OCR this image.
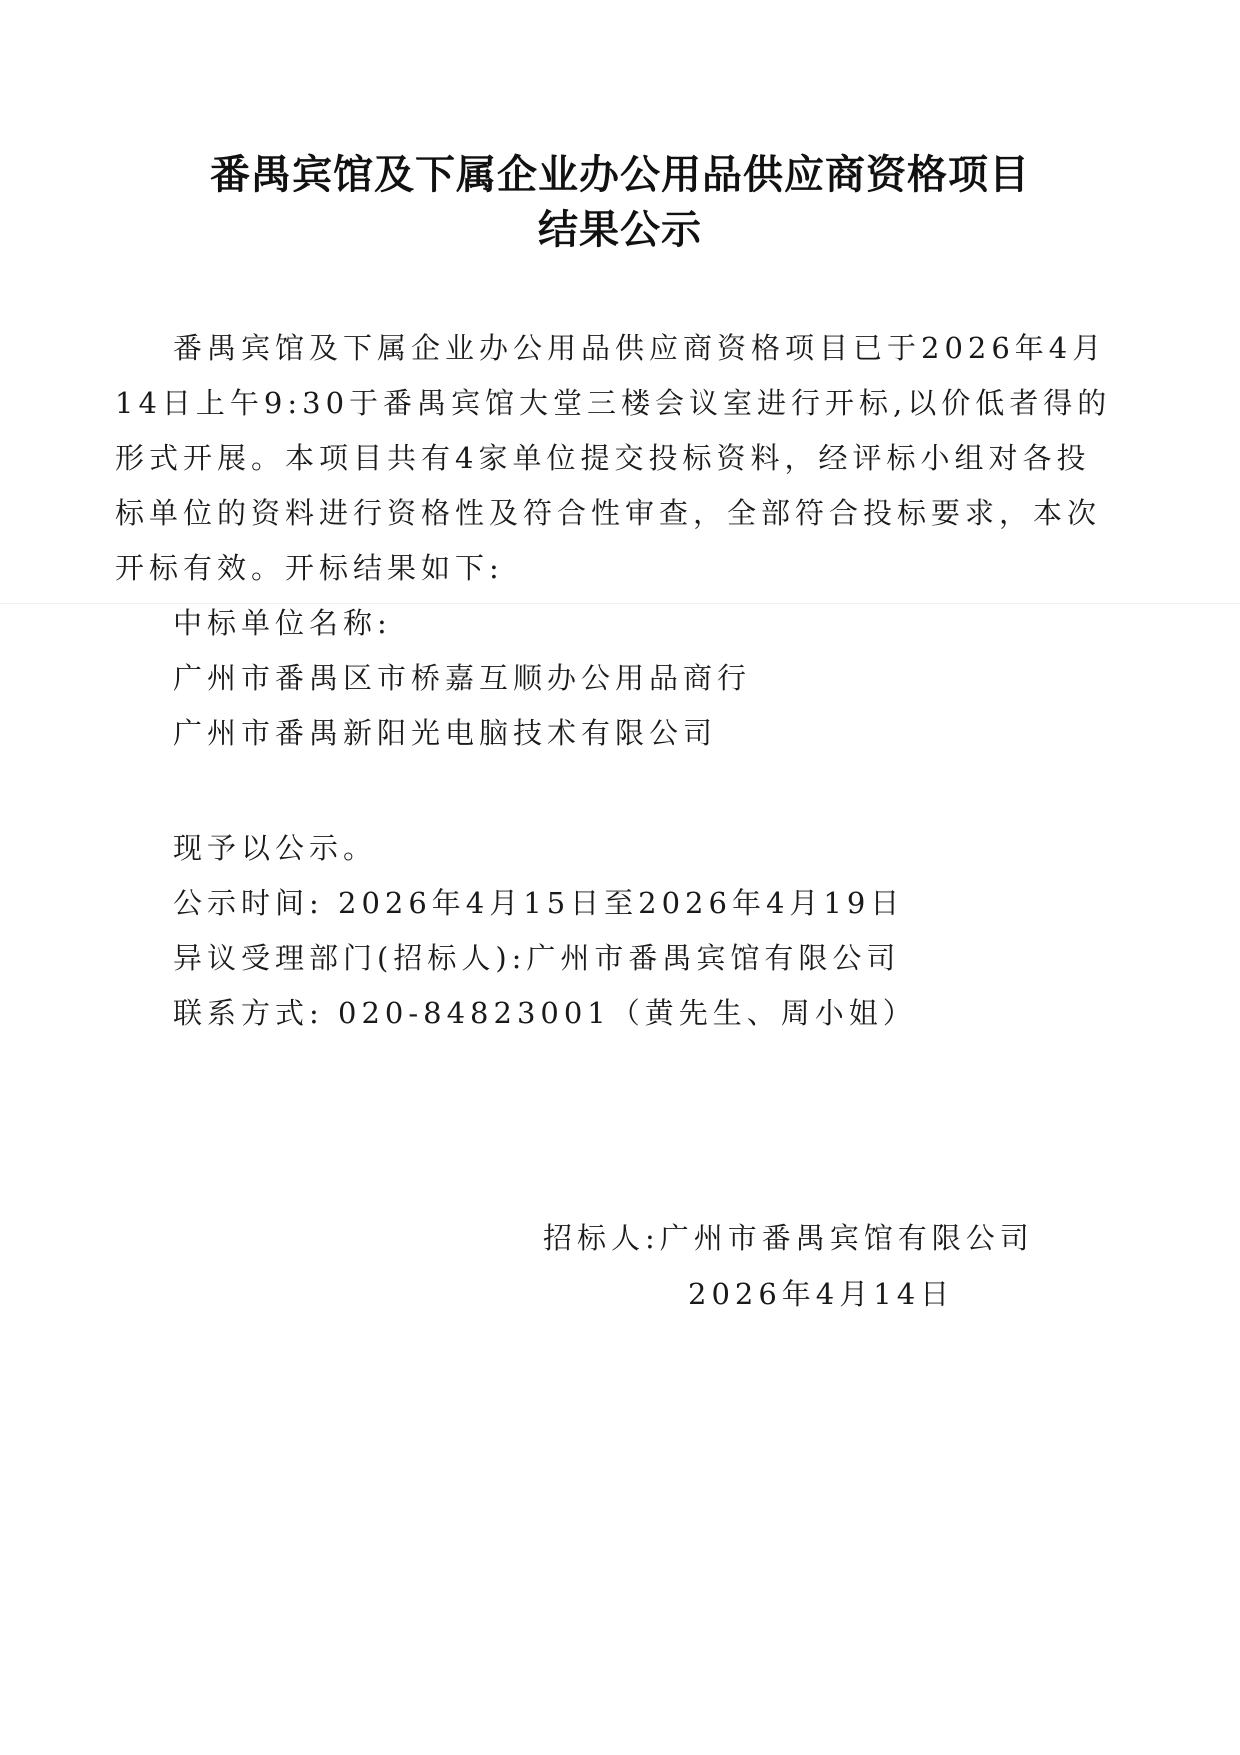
番禺宾馆及下属企业办公用品供应商资格项目
结果公示
番禺宾馆及下属企业办公用品供应商资格项目已于2026年4月
14日上午9:30于番禺宾馆大堂三楼会议室进行开标,以价低者得的
形式开展。本项目共有4家单位提交投标资料，经评标小组对各投
标单位的资料进行资格性及符合性审查，全部符合投标要求，本次
开标有效。开标结果如下:
中标单位名称:
广州市番禺区市桥嘉互顺办公用品商行
广州市番禺新阳光电脑技术有限公司
现予以公示。
公示时间: 2026年4月15日至2026年4月19日
异议受理部门(招标人):广州市番禺宾馆有限公司
联系方式: 020-84823001（黄先生、周小姐）
招标人:广州市番禺宾馆有限公司
2026年4月14日
